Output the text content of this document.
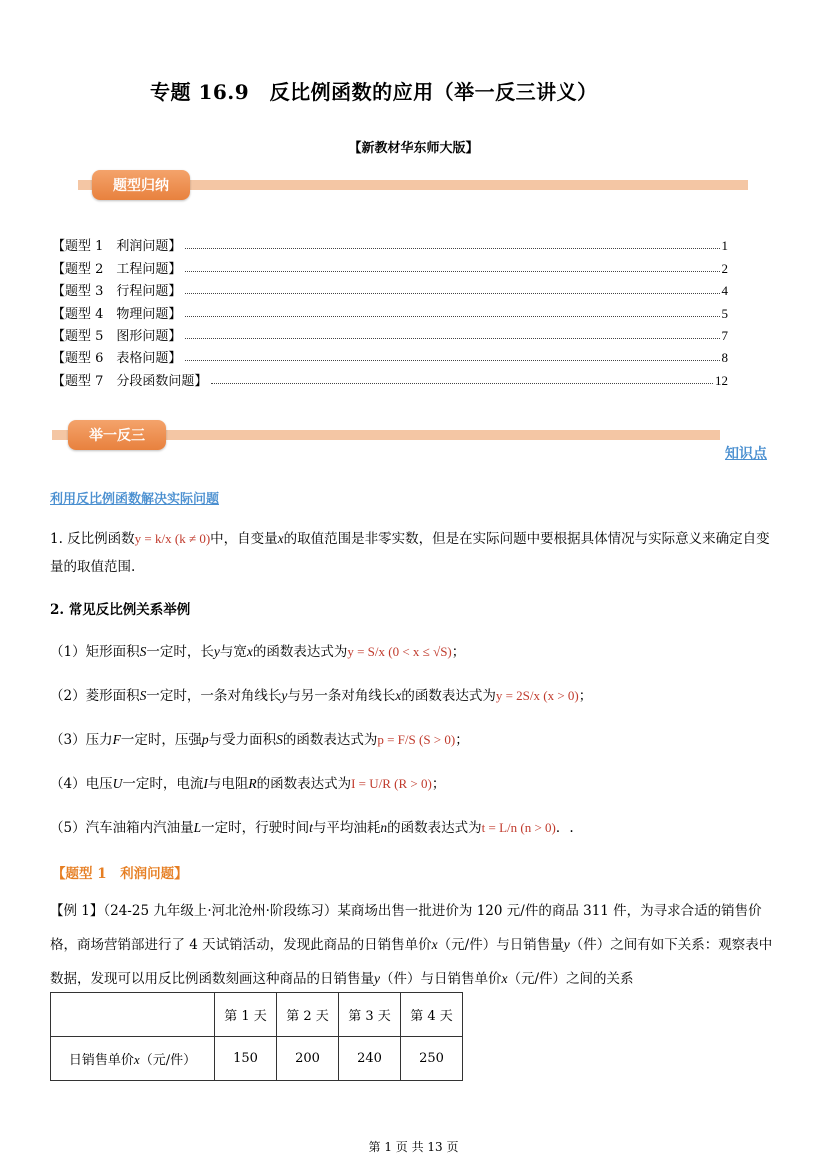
专题 16.9　反比例函数的应用（举一反三讲义）
【新教材华东师大版】
题型归纳
【题型 1　利润问题】	1
【题型 2　工程问题】	2
【题型 3　行程问题】	4
【题型 4　物理问题】	5
【题型 5　图形问题】	7
【题型 6　表格问题】	8
【题型 7　分段函数问题】	12
举一反三
知识点
利用反比例函数解决实际问题
1. 反比例函数y = k/x (k ≠ 0)中，自变量x的取值范围是非零实数，但是在实际问题中要根据具体情况与实际意义来确定自变量的取值范围.
2. 常见反比例关系举例
（1）矩形面积S一定时，长y与宽x的函数表达式为y = S/x (0 < x ≤ √S)；
（2）菱形面积S一定时，一条对角线长y与另一条对角线长x的函数表达式为y = 2S/x (x > 0)；
（3）压力F一定时，压强p与受力面积S的函数表达式为p = F/S (S > 0)；
（4）电压U一定时，电流I与电阻R的函数表达式为I = U/R (R > 0)；
（5）汽车油箱内汽油量L一定时，行驶时间t与平均油耗n的函数表达式为t = L/n (n > 0)．.
【题型 1　利润问题】
【例 1】（24-25 九年级上·河北沧州·阶段练习）某商场出售一批进价为 120 元/件的商品 311 件，为寻求合适的销售价格，商场营销部进行了 4 天试销活动，发现此商品的日销售单价x（元/件）与日销售量y（件）之间有如下关系：观察表中数据，发现可以用反比例函数刻画这种商品的日销售量y（件）与日销售单价x（元/件）之间的关系
	第 1 天	第 2 天	第 3 天	第 4 天
日销售单价x（元/件）	150	200	240	250
第 1 页 共 13 页
